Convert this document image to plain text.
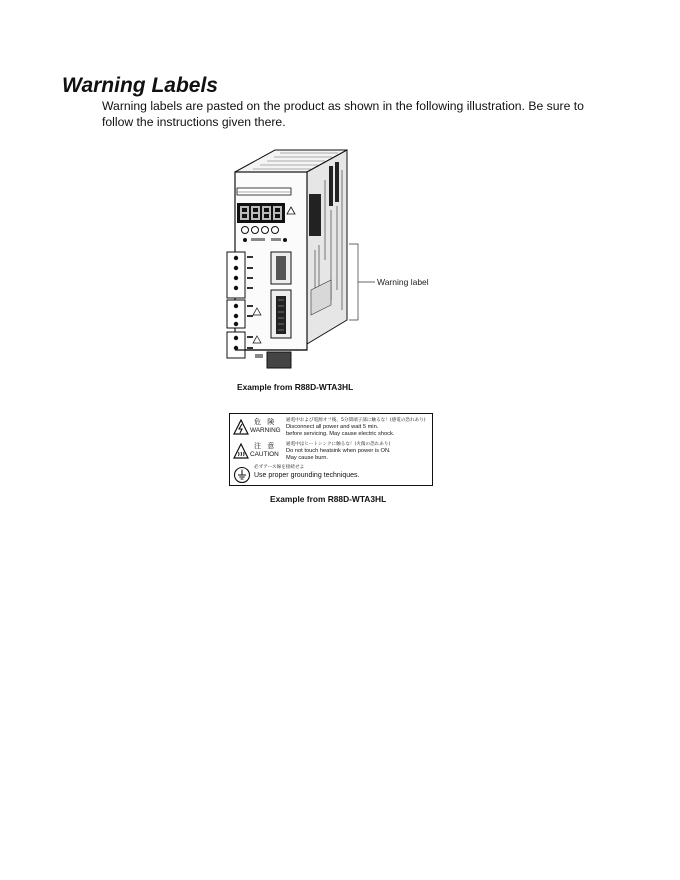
Warning Labels

Warning labels are pasted on the product as shown in the following illustration. Be sure to follow the instructions given there.

Warning label

Example from R88D-WTA3HL

危 険
WARNING
通電中および電源オフ後、5分間端子部に触るな！(感電の恐れあり)
Disconnect all power and wait 5 min.
before servicing. May cause electric shock.
注 意
CAUTION
通電中はヒートシンクに触るな！(火傷の恐れあり)
Do not touch heatsink when power is ON.
May cause burn.
必ずアース線を接続せよ
Use proper grounding techniques.

Example from R88D-WTA3HL
